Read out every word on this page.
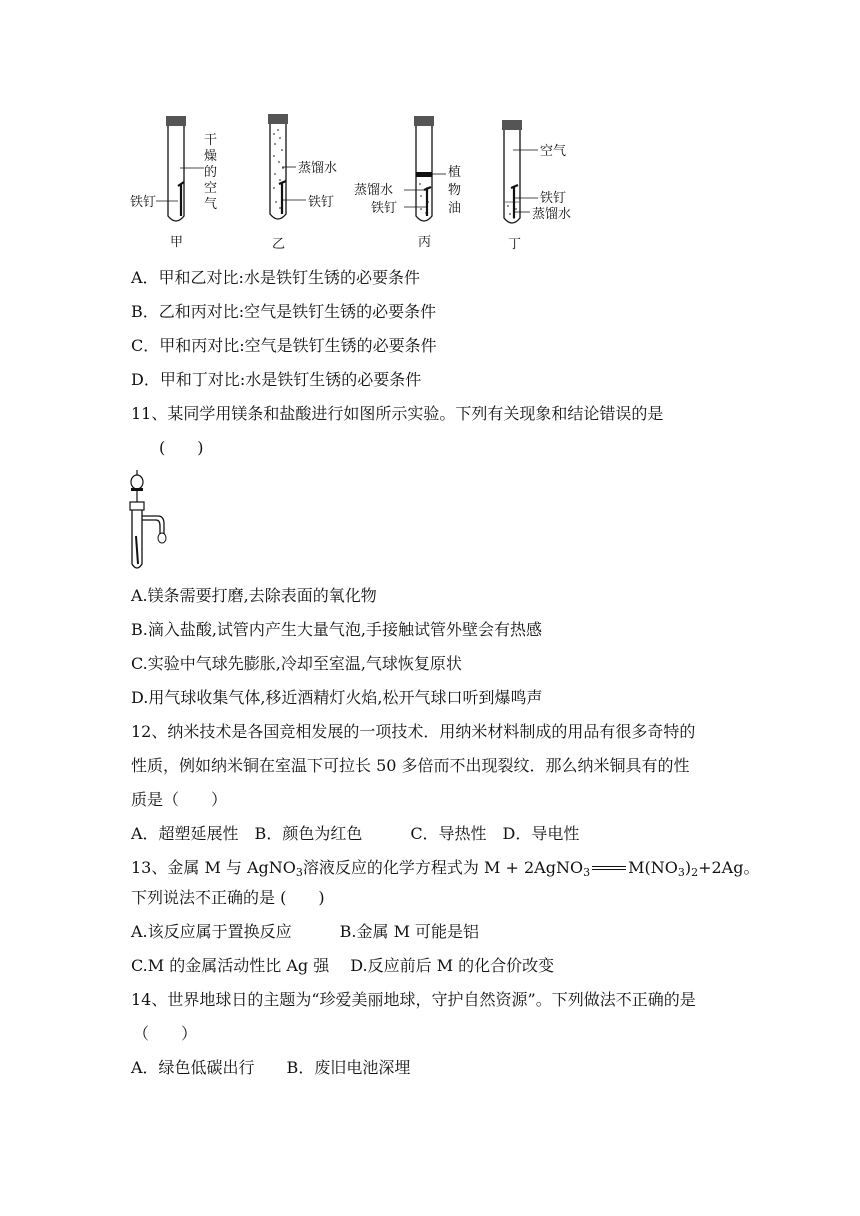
干
燥
的
空
气
铁钉
甲
蒸馏水
铁钉
乙
植
物
油
蒸馏水
铁钉
丙
空气
铁钉
蒸馏水
丁
A．甲和乙对比:水是铁钉生锈的必要条件
B．乙和丙对比:空气是铁钉生锈的必要条件
C．甲和丙对比:空气是铁钉生锈的必要条件
D．甲和丁对比:水是铁钉生锈的必要条件
11、某同学用镁条和盐酸进行如图所示实验。下列有关现象和结论错误的是
(　　)
A.镁条需要打磨,去除表面的氧化物
B.滴入盐酸,试管内产生大量气泡,手接触试管外壁会有热感
C.实验中气球先膨胀,冷却至室温,气球恢复原状
D.用气球收集气体,移近酒精灯火焰,松开气球口听到爆鸣声
12、纳米技术是各国竞相发展的一项技术．用纳米材料制成的用品有很多奇特的
性质，例如纳米铜在室温下可拉长 50 多倍而不出现裂纹．那么纳米铜具有的性
质是（　　）
A．超塑延展性　B．颜色为红色　　　C．导热性　D．导电性
13、金属 M 与 AgNO$_3$溶液反应的化学方程式为 M + 2AgNO$_3$ $M(NO_3)_2+2Ag$。
下列说法不正确的是 (　　)
A.该反应属于置换反应　　　B.金属 M 可能是铝
C.M 的金属活动性比 Ag 强　 D.反应前后 M 的化合价改变
14、世界地球日的主题为“珍爱美丽地球，守护自然资源”。下列做法不正确的是
（　　）
A．绿色低碳出行　　B．废旧电池深埋
